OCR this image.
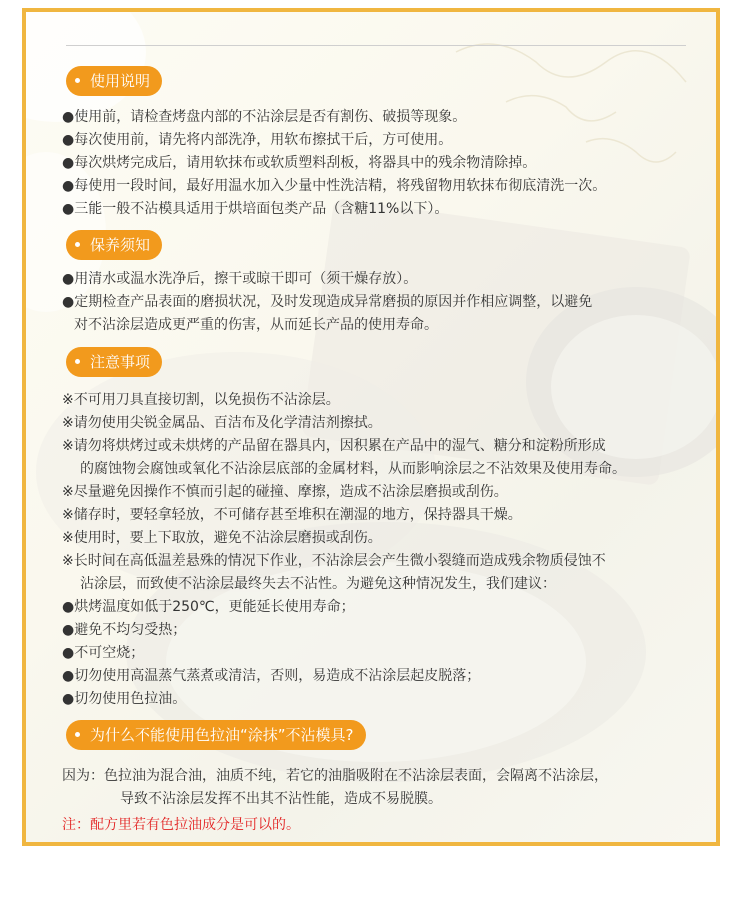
使用说明
●使用前，请检查烤盘内部的不沾涂层是否有割伤、破损等现象。
●每次使用前，请先将内部洗净，用软布擦拭干后，方可使用。
●每次烘烤完成后，请用软抹布或软质塑料刮板，将器具中的残余物清除掉。
●每使用一段时间，最好用温水加入少量中性洗洁精，将残留物用软抹布彻底清洗一次。
●三能一般不沾模具适用于烘培面包类产品（含糖11%以下）。
保养须知
●用清水或温水洗净后，擦干或晾干即可（须干燥存放）。
●定期检查产品表面的磨损状况，及时发现造成异常磨损的原因并作相应调整，以避免
对不沾涂层造成更严重的伤害，从而延长产品的使用寿命。
注意事项
※不可用刀具直接切割，以免损伤不沾涂层。
※请勿使用尖锐金属品、百洁布及化学清洁剂擦拭。
※请勿将烘烤过或未烘烤的产品留在器具内，因积累在产品中的湿气、糖分和淀粉所形成
的腐蚀物会腐蚀或氧化不沾涂层底部的金属材料，从而影响涂层之不沾效果及使用寿命。
※尽量避免因操作不慎而引起的碰撞、摩擦，造成不沾涂层磨损或刮伤。
※储存时，要轻拿轻放，不可储存甚至堆积在潮湿的地方，保持器具干燥。
※使用时，要上下取放，避免不沾涂层磨损或刮伤。
※长时间在高低温差悬殊的情况下作业，不沾涂层会产生微小裂缝而造成残余物质侵蚀不
沾涂层，而致使不沾涂层最终失去不沾性。为避免这种情况发生，我们建议：
●烘烤温度如低于250℃，更能延长使用寿命；
●避免不均匀受热；
●不可空烧；
●切勿使用高温蒸气蒸煮或清洁，否则，易造成不沾涂层起皮脱落；
●切勿使用色拉油。
为什么不能使用色拉油“涂抹”不沾模具?
因为：色拉油为混合油，油质不纯，若它的油脂吸附在不沾涂层表面，会隔离不沾涂层，
导致不沾涂层发挥不出其不沾性能，造成不易脱膜。
注：配方里若有色拉油成分是可以的。
